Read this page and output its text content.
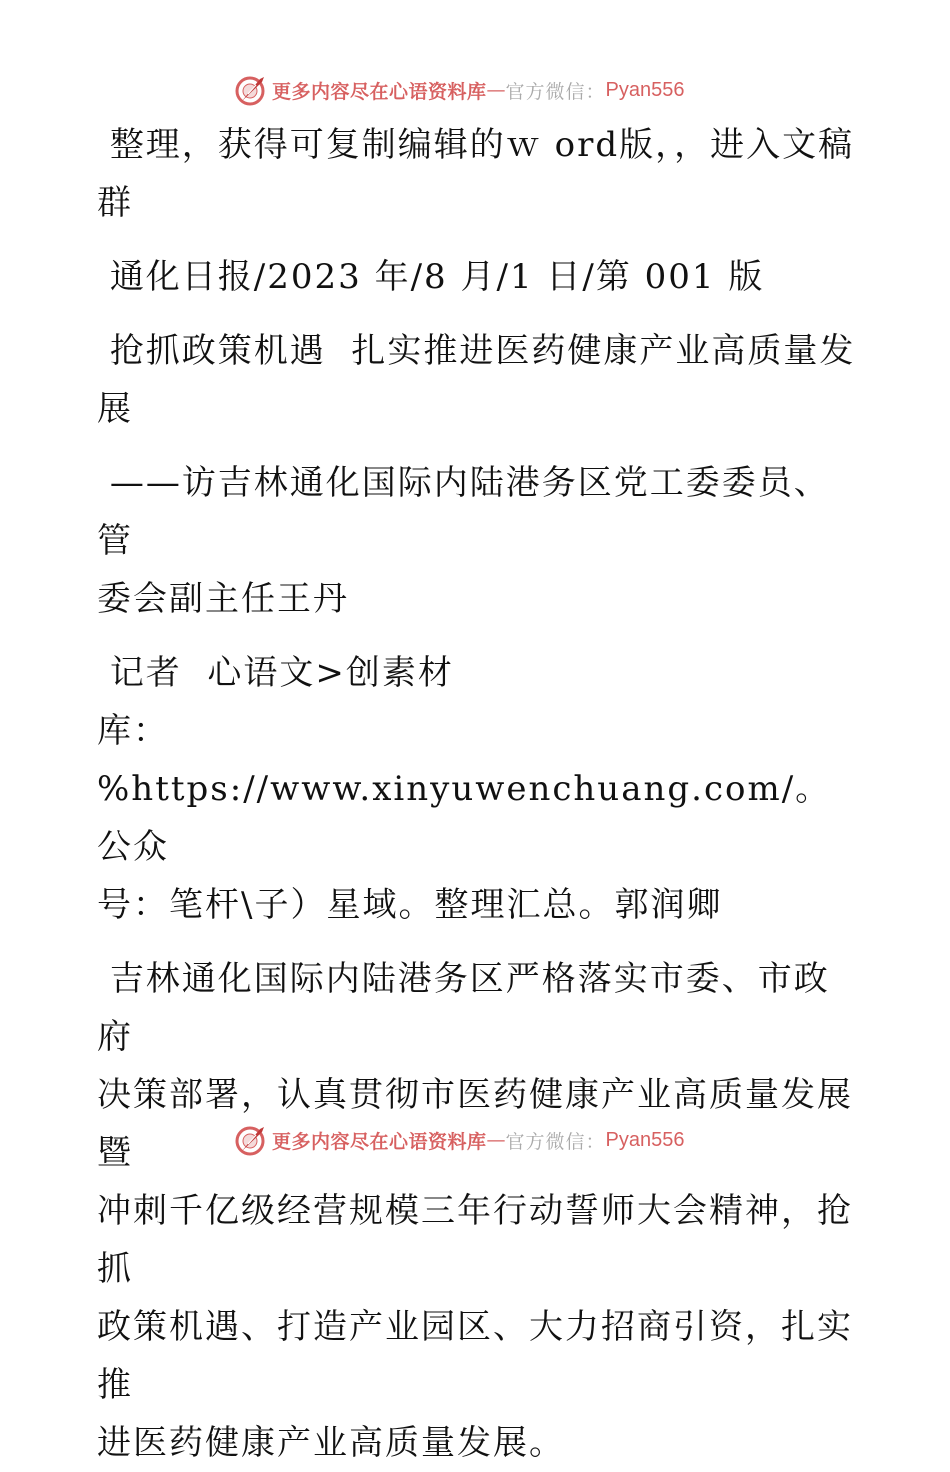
更多内容尽在心语资料库 — 官方微信： Pyan556

整理，获得可复制编辑的ｗ ord版，，进入文稿

群

通化日报/2023 年/8 月/1 日/第 001 版

抢抓政策机遇  扎实推进医药健康产业高质量发

展

——访吉林通化国际内陆港务区党工委委员、管

委会副主任王丹

记者  心语文>创素材

库：%https://www.xinyuwenchuang.com/。公众

号：笔杆\子）星域。整理汇总。郭润卿

吉林通化国际内陆港务区严格落实市委、市政府

决策部署，认真贯彻市医药健康产业高质量发展暨

冲刺千亿级经营规模三年行动誓师大会精神，抢抓

政策机遇、打造产业园区、大力招商引资，扎实推

进医药健康产业高质量发展。

更多内容尽在心语资料库 — 官方微信： Pyan556
